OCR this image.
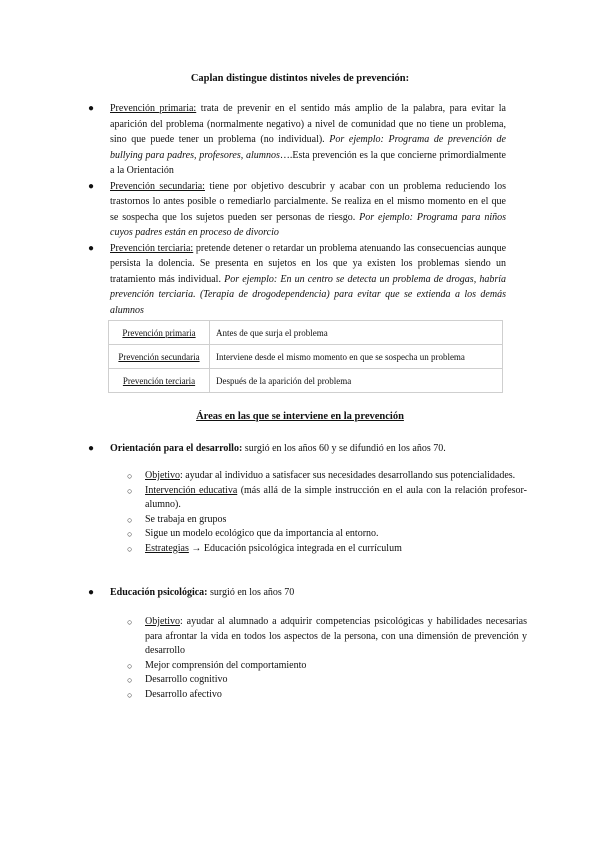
Caplan distingue distintos niveles de prevención:
● Prevención primaria: trata de prevenir en el sentido más amplio de la palabra, para evitar la aparición del problema (normalmente negativo) a nivel de comunidad que no tiene un problema, sino que puede tener un problema (no individual). Por ejemplo: Programa de prevención de bullying para padres, profesores, alumnos….Esta prevención es la que concierne primordialmente a la Orientación
● Prevención secundaria: tiene por objetivo descubrir y acabar con un problema reduciendo los trastornos lo antes posible o remediarlo parcialmente. Se realiza en el mismo momento en el que se sospecha que los sujetos pueden ser personas de riesgo. Por ejemplo: Programa para niños cuyos padres están en proceso de divorcio
● Prevención terciaria: pretende detener o retardar un problema atenuando las consecuencias aunque persista la dolencia. Se presenta en sujetos en los que ya existen los problemas siendo un tratamiento más individual. Por ejemplo: En un centro se detecta un problema de drogas, habría prevención terciaria. (Terapia de drogodependencia) para evitar que se extienda a los demás alumnos
Prevención primaria	Antes de que surja el problema
Prevención secundaria	Interviene desde el mismo momento en que se sospecha un problema
Prevención terciaria	Después de la aparición del problema
Áreas en las que se interviene en la prevención
●	Orientación para el desarrollo: surgió en los años 60 y se difundió en los años 70.
○ Objetivo: ayudar al individuo a satisfacer sus necesidades desarrollando sus potencialidades.
○ Intervención educativa (más allá de la simple instrucción en el aula con la relación profesor-alumno).
○ Se trabaja en grupos
○ Sigue un modelo ecológico que da importancia al entorno.
○ Estrategias → Educación psicológica integrada en el currículum
●	Educación psicológica: surgió en los años 70
○ Objetivo: ayudar al alumnado a adquirir competencias psicológicas y habilidades necesarias para afrontar la vida en todos los aspectos de la persona, con una dimensión de prevención y desarrollo
○ Mejor comprensión del comportamiento
○ Desarrollo cognitivo
○ Desarrollo afectivo
